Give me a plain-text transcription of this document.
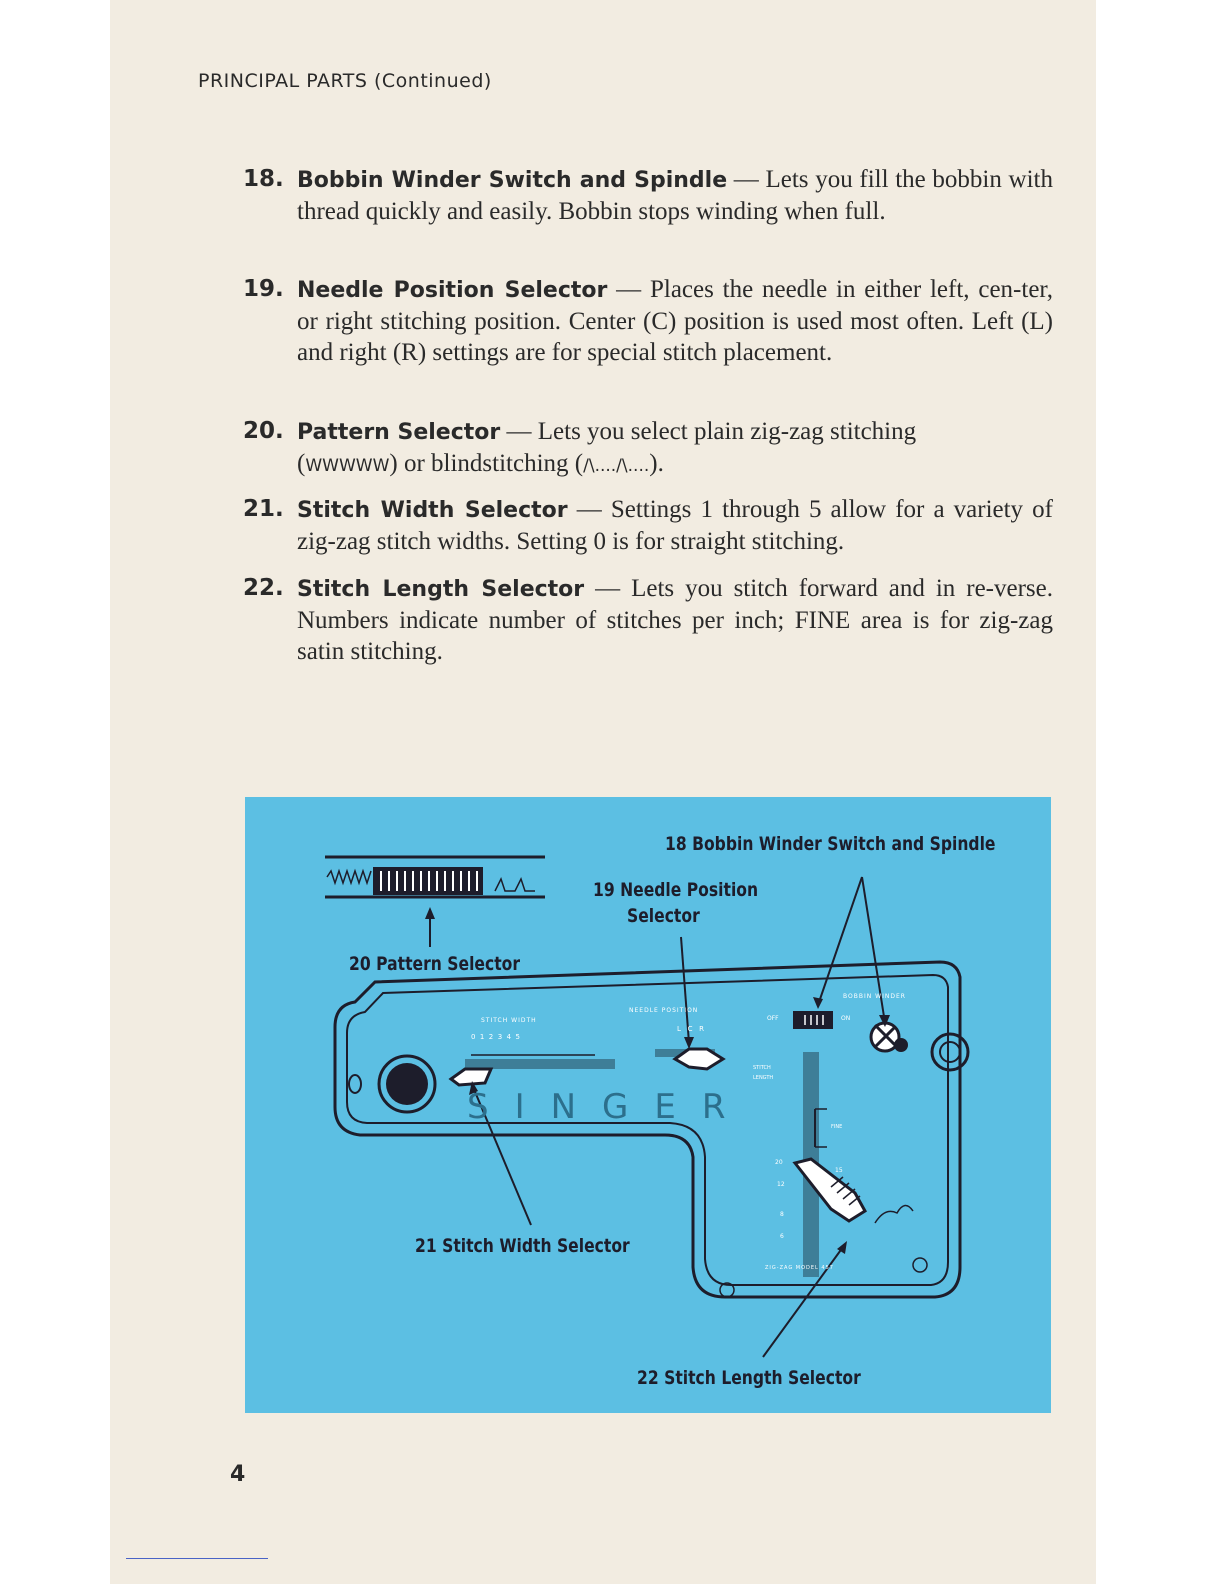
PRINCIPAL PARTS (Continued)
18. Bobbin Winder Switch and Spindle — Lets you fill the bobbin with thread quickly and easily. Bobbin stops winding when full.
19. Needle Position Selector — Places the needle in either left, cen-ter, or right stitching position. Center (C) position is used most often. Left (L) and right (R) settings are for special stitch placement.
20. Pattern Selector — Lets you select plain zig-zag stitching (WWWWW) or blindstitching (/\..../\....).
21. Stitch Width Selector — Settings 1 through 5 allow for a variety of zig-zag stitch widths. Setting 0 is for straight stitching.
22. Stitch Length Selector — Lets you stitch forward and in re-verse. Numbers indicate number of stitches per inch; FINE area is for zig-zag satin stitching.
18 Bobbin Winder Switch and Spindle
19 Needle Position
Selector
20 Pattern Selector
21 Stitch Width Selector
22 Stitch Length Selector
SINGER
STITCH WIDTH
0  1  2  3  4  5
NEEDLE POSITION
L   C   R
BOBBIN WINDER
OFF	ON
STITCH
LENGTH
FINE
20
12
15
8
6
ZIG-ZAG MODEL 457
4
